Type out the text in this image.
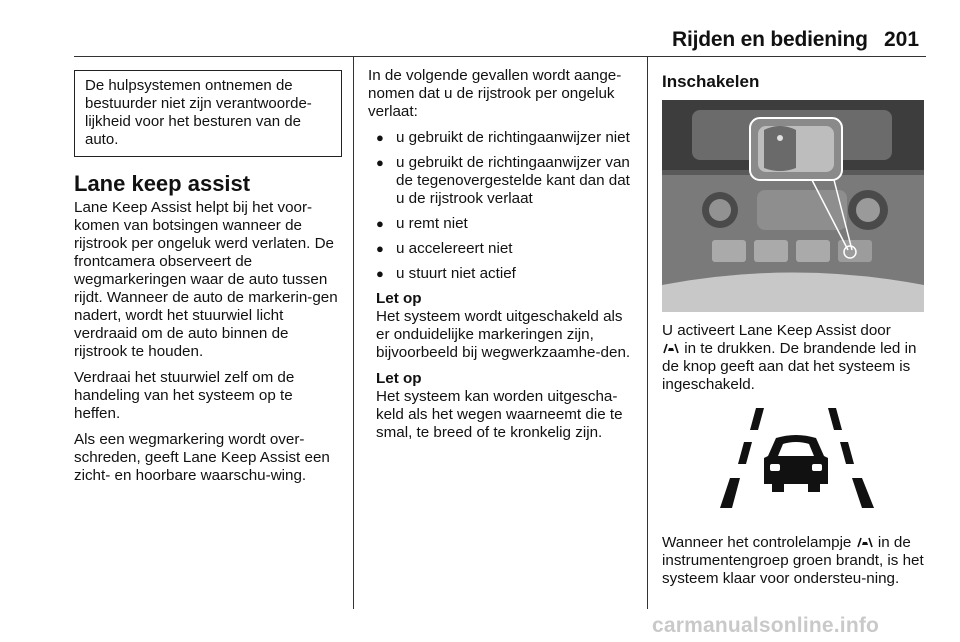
Rijden en bediening 201
De hulpsystemen ontnemen de bestuurder niet zijn verantwoorde-lijkheid voor het besturen van de auto.
Lane keep assist

Lane Keep Assist helpt bij het voor-komen van botsingen wanneer de rijstrook per ongeluk werd verlaten. De frontcamera observeert de wegmarkeringen waar de auto tussen rijdt. Wanneer de auto de markerin-gen nadert, wordt het stuurwiel licht verdraaid om de auto binnen de rijstrook te houden.

Verdraai het stuurwiel zelf om de handeling van het systeem op te heffen.

Als een wegmarkering wordt over-schreden, geeft Lane Keep Assist een zicht- en hoorbare waarschu-wing.

In de volgende gevallen wordt aange-nomen dat u de rijstrook per ongeluk verlaat:

● u gebruikt de richtingaanwijzer niet
● u gebruikt de richtingaanwijzer van de tegenovergestelde kant dan dat u de rijstrook verlaat
● u remt niet
● u accelereert niet
● u stuurt niet actief

Let op
Het systeem wordt uitgeschakeld als er onduidelijke markeringen zijn, bijvoorbeeld bij wegwerkzaamhe-den.

Let op
Het systeem kan worden uitgescha-keld als het wegen waarneemt die te smal, te breed of te kronkelig zijn.

Inschakelen

U activeert Lane Keep Assist door
in te drukken. De brandende led in de knop geeft aan dat het systeem is ingeschakeld.

Wanneer het controlelampje in de instrumentengroep groen brandt, is het systeem klaar voor ondersteu-ning.

carmanualsonline.info
